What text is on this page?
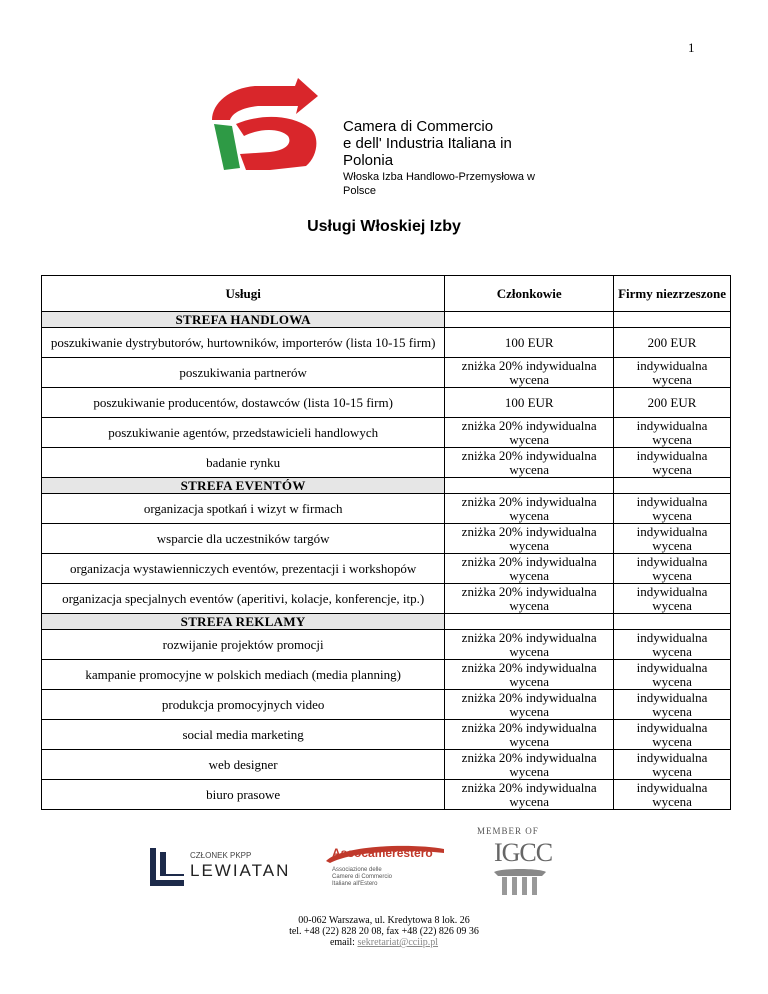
1
Camera di Commercio
e dell' Industria Italiana in Polonia
Włoska Izba Handlowo-Przemysłowa w Polsce
Usługi Włoskiej Izby
Usługi	Członkowie	Firmy niezrzeszone
STREFA HANDLOWA		
poszukiwanie dystrybutorów, hurtowników, importerów (lista 10-15 firm)	100 EUR	200 EUR
poszukiwania partnerów	zniżka 20% indywidualna wycena	indywidualna wycena
poszukiwanie producentów, dostawców (lista 10-15 firm)	100 EUR	200 EUR
poszukiwanie agentów, przedstawicieli handlowych	zniżka 20% indywidualna wycena	indywidualna wycena
badanie rynku	zniżka 20% indywidualna wycena	indywidualna wycena
STREFA EVENTÓW		
organizacja spotkań i wizyt w firmach	zniżka 20% indywidualna wycena	indywidualna wycena
wsparcie dla uczestników targów	zniżka 20% indywidualna wycena	indywidualna wycena
organizacja wystawienniczych eventów, prezentacji i workshopów	zniżka 20% indywidualna wycena	indywidualna wycena
organizacja specjalnych eventów (aperitivi, kolacje, konferencje, itp.)	zniżka 20% indywidualna wycena	indywidualna wycena
STREFA REKLAMY		
rozwijanie projektów promocji	zniżka 20% indywidualna wycena	indywidualna wycena
kampanie promocyjne w polskich mediach (media planning)	zniżka 20% indywidualna wycena	indywidualna wycena
produkcja promocyjnych video	zniżka 20% indywidualna wycena	indywidualna wycena
social media marketing	zniżka 20% indywidualna wycena	indywidualna wycena
web designer	zniżka 20% indywidualna wycena	indywidualna wycena
biuro prasowe	zniżka 20% indywidualna wycena	indywidualna wycena
MEMBER OF
CZŁONEK PKPP
LEWIATAN
Assocamerestero
Associazione delle Camere di Commercio Italiane all'Estero
IGCC
00-062 Warszawa, ul. Kredytowa 8 lok. 26
tel. +48 (22) 828 20 08, fax +48 (22) 826 09 36
email: sekretariat@cciip.pl
